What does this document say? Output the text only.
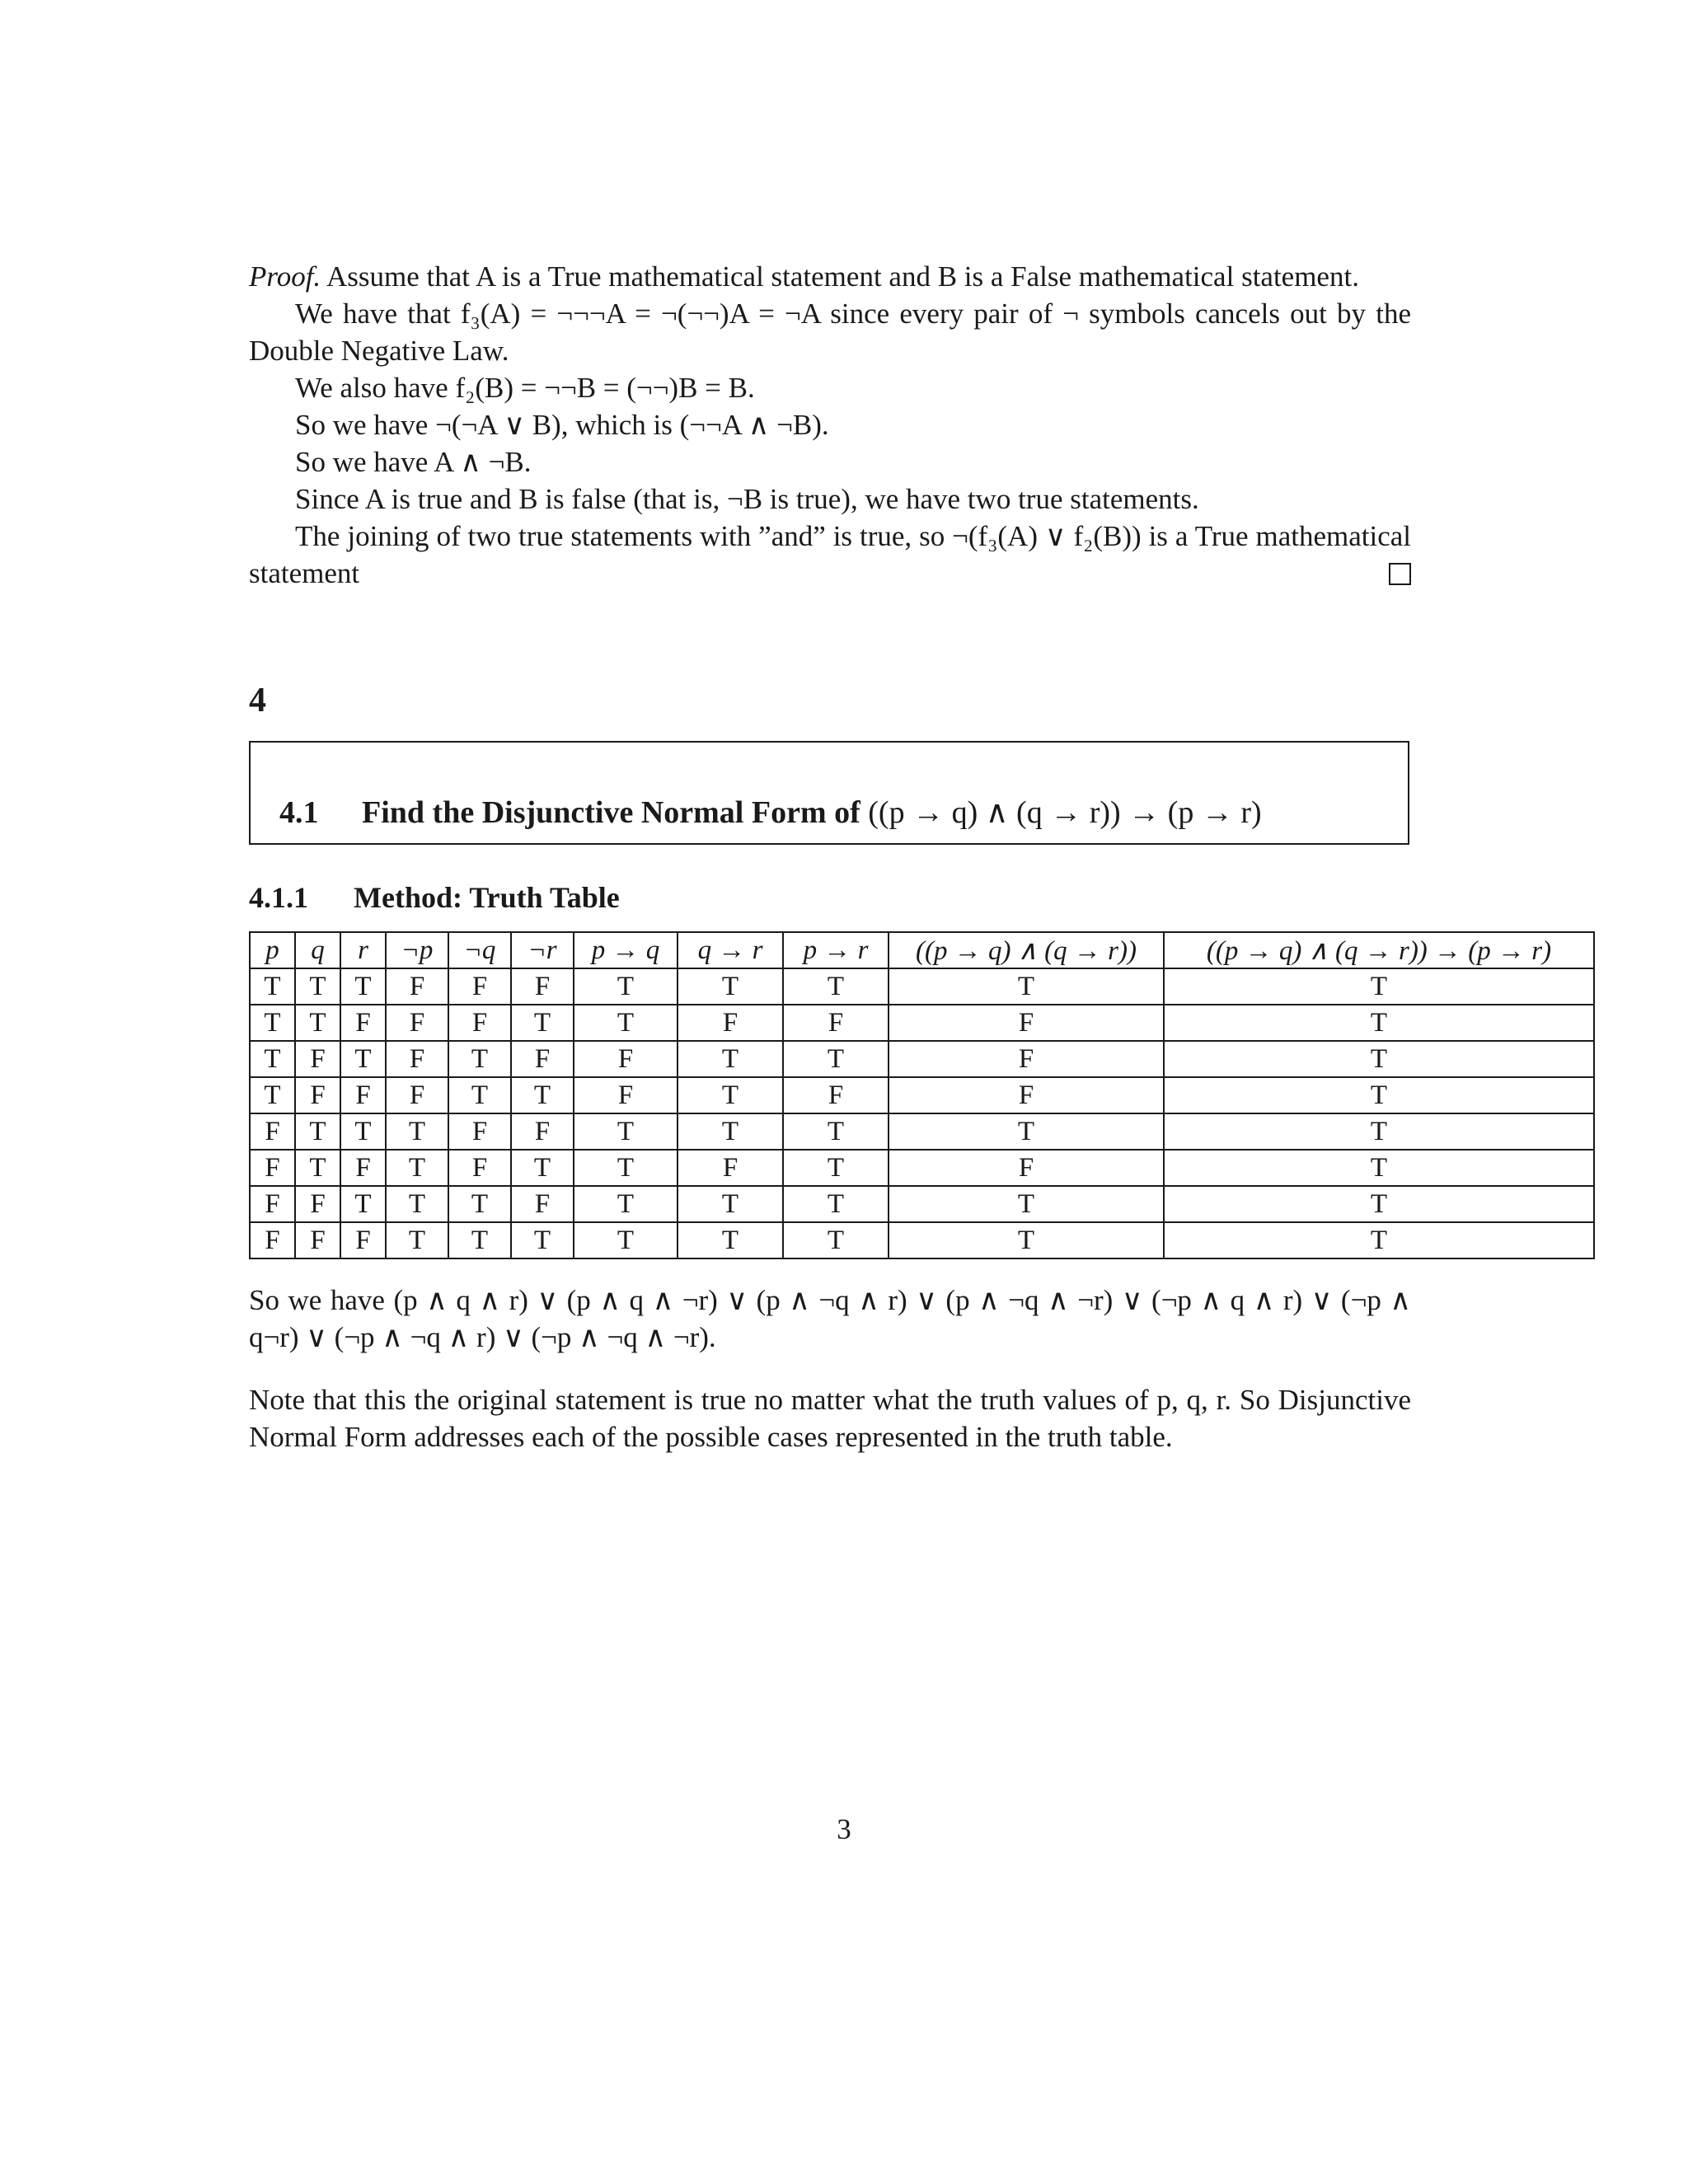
Proof. Assume that A is a True mathematical statement and B is a False mathematical statement.

We have that f₃(A) = ¬¬¬A = ¬(¬¬)A = ¬A since every pair of ¬ symbols cancels out by the Double Negative Law.

We also have f₂(B) = ¬¬B = (¬¬)B = B.

So we have ¬(¬A ∨ B), which is (¬¬A ∧ ¬B).

So we have A ∧ ¬B.

Since A is true and B is false (that is, ¬B is true), we have two true statements.

The joining of two true statements with ”and” is true, so ¬(f₃(A) ∨ f₂(B)) is a True mathematical statement

4
4.1 Find the Disjunctive Normal Form of ((p → q) ∧ (q → r)) → (p → r)
4.1.1 Method: Truth Table
p	q	r	¬p	¬q	¬r	p → q	q → r	p → r	((p → q) ∧ (q → r))	((p → q) ∧ (q → r)) → (p → r)
T	T	T	F	F	F	T	T	T	T	T
T	T	F	F	F	T	T	F	F	F	T
T	F	T	F	T	F	F	T	T	F	T
T	F	F	F	T	T	F	T	F	F	T
F	T	T	T	F	F	T	T	T	T	T
F	T	F	T	F	T	T	F	T	F	T
F	F	T	T	T	F	T	T	T	T	T
F	F	F	T	T	T	T	T	T	T	T

So we have (p ∧ q ∧ r) ∨ (p ∧ q ∧ ¬r) ∨ (p ∧ ¬q ∧ r) ∨ (p ∧ ¬q ∧ ¬r) ∨ (¬p ∧ q ∧ r) ∨ (¬p ∧ q¬r) ∨ (¬p ∧ ¬q ∧ r) ∨ (¬p ∧ ¬q ∧ ¬r).

Note that this the original statement is true no matter what the truth values of p, q, r. So Disjunctive Normal Form addresses each of the possible cases represented in the truth table.

3
